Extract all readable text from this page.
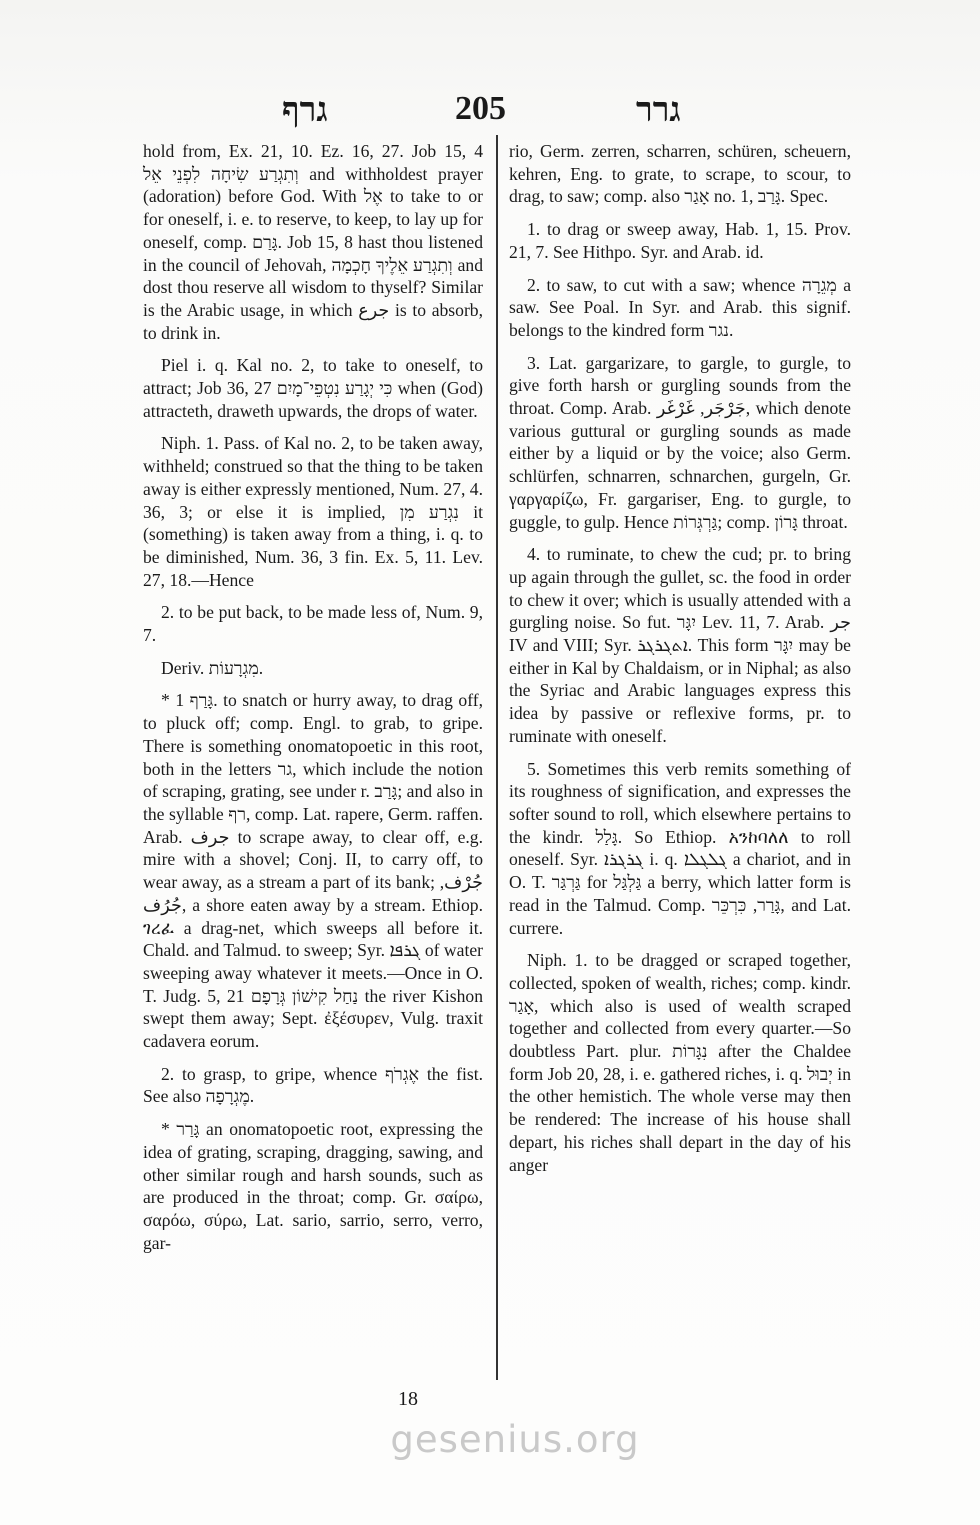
גרף	205	גרר

hold from, Ex. 21, 10. Ez. 16, 27. Job 15, 4 וְתִגְרַע שִׂיחָה לִפְנֵי אֵל and withholdest prayer (adoration) before God. With אֶל to take to or for oneself, i. e. to reserve, to keep, to lay up for oneself, comp. גָּרַם. Job 15, 8 hast thou listened in the council of Jehovah, וְתִגְרַע אֵלֶיךָ חָכְמָה and dost thou reserve all wisdom to thyself? Similar is the Arabic usage, in which جرع is to absorb, to drink in.

Piel i. q. Kal no. 2, to take to oneself, to attract; Job 36, 27 כִּי יְגָרַע נִטְפֵי־מָיִם when (God) attracteth, draweth upwards, the drops of water.

Niph. 1. Pass. of Kal no. 2, to be taken away, withheld; construed so that the thing to be taken away is either expressly mentioned, Num. 27, 4. 36, 3; or else it is implied, נִגְרַע מִן it (something) is taken away from a thing, i. q. to be diminished, Num. 36, 3 fin. Ex. 5, 11. Lev. 27, 18.—Hence

2. to be put back, to be made less of, Num. 9, 7.

Deriv. מִגְרָעוֹת.

* גָּרַף 1. to snatch or hurry away, to drag off, to pluck off; comp. Engl. to grab, to gripe. There is something onomatopoetic in this root, both in the letters גר, which include the notion of scraping, grating, see under r. גָּרַב; and also in the syllable רף, comp. Lat. rapere, Germ. raffen. Arab. جرف to scrape away, to clear off, e.g. mire with a shovel; Conj. II, to carry off, to wear away, as a stream a part of its bank; جُرْف, جُرُف, a shore eaten away by a stream. Ethiop. ገረፈ a drag-net, which sweeps all before it. Chald. and Talmud. to sweep; Syr. ܓܪܦܐ of water sweeping away whatever it meets.—Once in O. T. Judg. 5, 21 נַחַל קִישׁוֹן גְּרָפָם the river Kishon swept them away; Sept. ἐξέσυρεν, Vulg. traxit cadavera eorum.

2. to grasp, to gripe, whence אֶגְרֹף the fist. See also מֶגְרָפָה.

* גָּרַר an onomatopoetic root, expressing the idea of grating, scraping, dragging, sawing, and other similar rough and harsh sounds, such as are produced in the throat; comp. Gr. σαίρω, σαρόω, σύρω, Lat. sario, sarrio, serro, verro, gar-

rio, Germ. zerren, scharren, schüren, scheuern, kehren, Eng. to grate, to scrape, to scour, to drag, to saw; comp. also אָגַר no. 1, גָּרַב. Spec.

1. to drag or sweep away, Hab. 1, 15. Prov. 21, 7. See Hithpo. Syr. and Arab. id.

2. to saw, to cut with a saw; whence מְגֵרָה a saw. See Poal. In Syr. and Arab. this signif. belongs to the kindred form נגר.

3. Lat. gargarizare, to gargle, to gurgle, to give forth harsh or gurgling sounds from the throat. Comp. Arab. جَرْجَر, غَرْغَر, which denote various guttural or gurgling sounds as made either by a liquid or by the voice; also Germ. schlürfen, schnarren, schnarchen, gurgeln, Gr. γαργαρίζω, Fr. gargariser, Eng. to gurgle, to guggle, to gulp. Hence גַּרְגְּרוֹת; comp. גָּרוֹן throat.

4. to ruminate, to chew the cud; pr. to bring up again through the gullet, sc. the food in order to chew it over; which is usually attended with a gurgling noise. So fut. יִגָּר Lev. 11, 7. Arab. جر IV and VIII; Syr. ܐܬܓܪܓܪ. This form יִגָּר may be either in Kal by Chaldaism, or in Niphal; as also the Syriac and Arabic languages express this idea by passive or reflexive forms, pr. to ruminate with oneself.

5. Sometimes this verb remits something of its roughness of signification, and expresses the softer sound to roll, which elsewhere pertains to the kindr. גָּלַל. So Ethiop. አንከባለለ to roll oneself. Syr. ܓܪܓܪܐ i. q. ܓܠܓܠܐ a chariot, and in O. T. גַּרְגַּר for גַּלְגַּל a berry, which latter form is read in the Talmud. Comp. גָּרַר, כִּרְכֵּר, and Lat. currere.

Niph. 1. to be dragged or scraped together, collected, spoken of wealth, riches; comp. kindr. אָגַר, which also is used of wealth scraped together and collected from every quarter.—So doubtless Part. plur. נִגָּרוֹת after the Chaldee form Job 20, 28, i. e. gathered riches, i. q. יְבוּל in the other hemistich. The whole verse may then be rendered: The increase of his house shall depart, his riches shall depart in the day of his anger

18
gesenius.org
